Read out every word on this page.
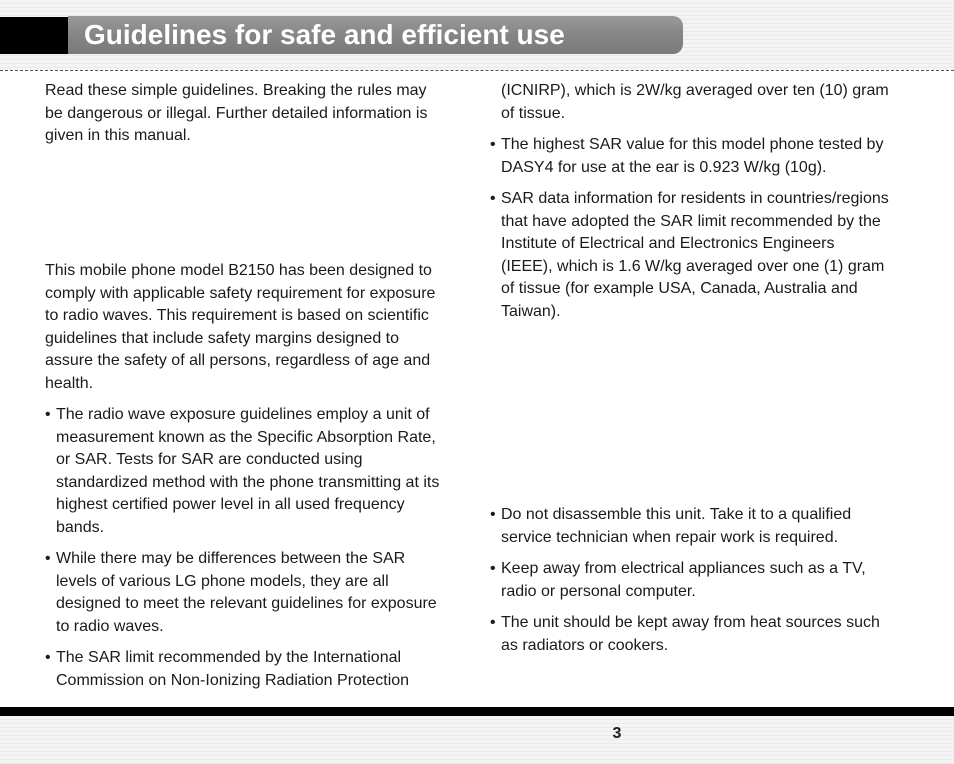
Guidelines for safe and efficient use

Read these simple guidelines. Breaking the rules may be dangerous or illegal. Further detailed information is given in this manual.

This mobile phone model B2150 has been designed to comply with applicable safety requirement for exposure to radio waves. This requirement is based on scientific guidelines that include safety margins designed to assure the safety of all persons, regardless of age and health.

• The radio wave exposure guidelines employ a unit of measurement known as the Specific Absorption Rate, or SAR. Tests for SAR are conducted using standardized method with the phone transmitting at its highest certified power level in all used frequency bands.

• While there may be differences between the SAR levels of various LG phone models, they are all designed to meet the relevant guidelines for exposure to radio waves.

• The SAR limit recommended by the International Commission on Non-Ionizing Radiation Protection

(ICNIRP), which is 2W/kg averaged over ten (10) gram of tissue.

• The highest SAR value for this model phone tested by DASY4 for use at the ear is 0.923 W/kg (10g).

• SAR data information for residents in countries/regions that have adopted the SAR limit recommended by the Institute of Electrical and Electronics Engineers (IEEE), which is 1.6 W/kg averaged over one (1) gram of tissue (for example USA, Canada, Australia and Taiwan).

• Do not disassemble this unit. Take it to a qualified service technician when repair work is required.

• Keep away from electrical appliances such as a TV, radio or personal computer.

• The unit should be kept away from heat sources such as radiators or cookers.

3
